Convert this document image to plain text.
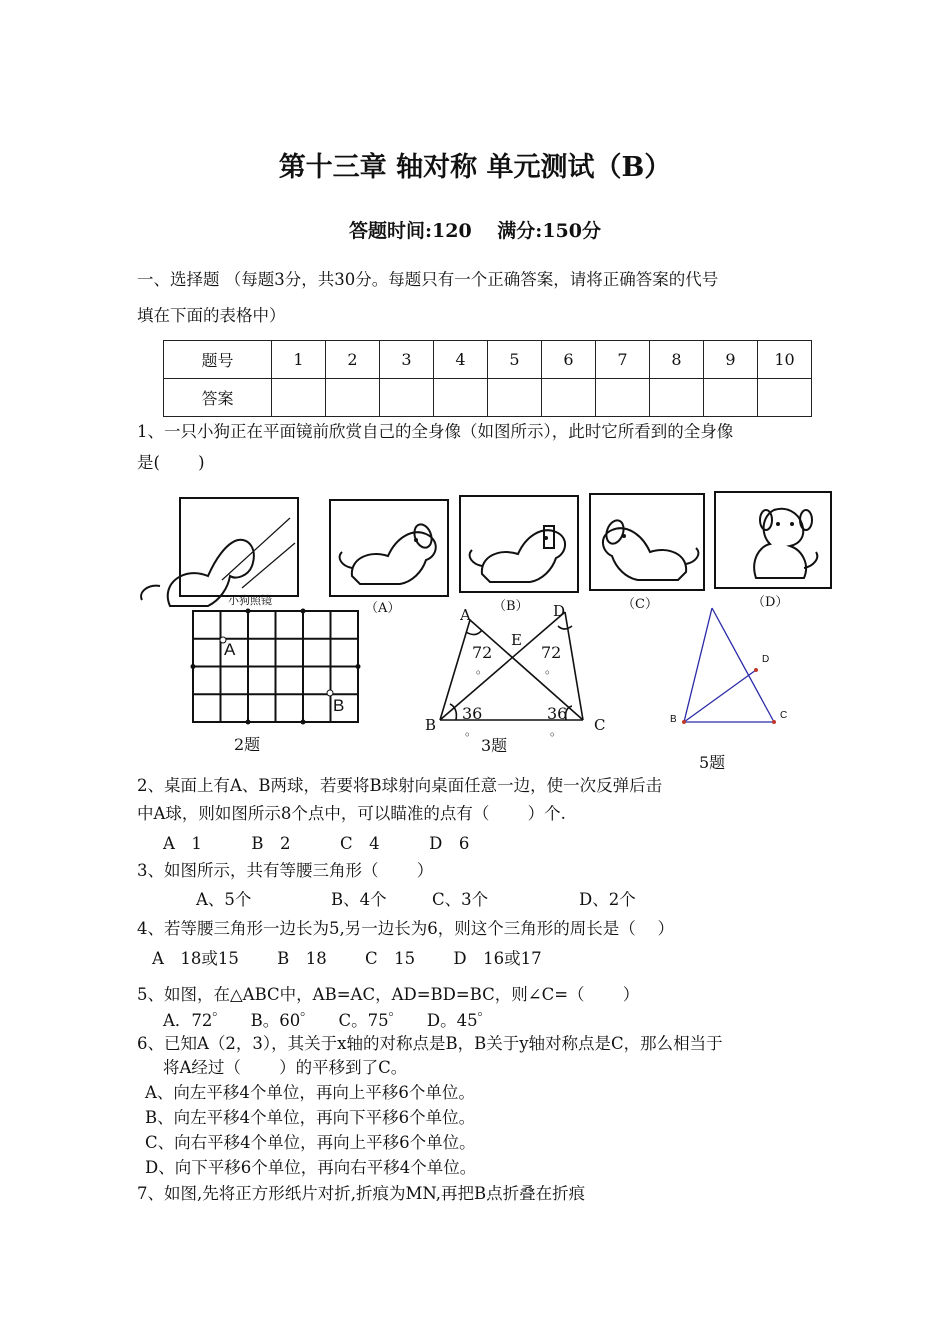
第十三章 轴对称 单元测试（B）
答题时间:120　 满分:150分
一、选择题 （每题3分，共30分。每题只有一个正确答案，请将正确答案的代号
填在下面的表格中）
题号	1	2	3	4	5	6	7	8	9	10
答案										
1、一只小狗正在平面镜前欣赏自己的全身像（如图所示），此时它所看到的全身像
是(　　 )
小狗照镜
（A）	（B）	（C）	（D）
A
B
2题
A	D
E
B	C
72
。
72
。
36
。
36
。
3题
B	C
D
5题
2、桌面上有A、B两球，若要将B球射向桌面任意一边，使一次反弹后击
中A球，则如图所示8个点中，可以瞄准的点有（　　 ）个.
A　1　　　B　2　　　C　4　　　D　6
3、如图所示，共有等腰三角形（　　 ）
A、5个	B、4个	C、3个	D、2个
4、若等腰三角形一边长为5,另一边长为6，则这个三角形的周长是（　 ）
A　18或15　　 B　18　　 C　15　　 D　16或17
5、如图，在△ABC中，AB=AC，AD=BD=BC，则∠C=（　　 ）
A．72゜　 B。60゜　 C。75゜　 D。45゜
6、已知A（2，3），其关于x轴的对称点是B，B关于y轴对称点是C，那么相当于
将A经过（　　 ）的平移到了C。
A、向左平移4个单位，再向上平移6个单位。
B、向左平移4个单位，再向下平移6个单位。
C、向右平移4个单位，再向上平移6个单位。
D、向下平移6个单位，再向右平移4个单位。
7、如图,先将正方形纸片对折,折痕为MN,再把B点折叠在折痕
